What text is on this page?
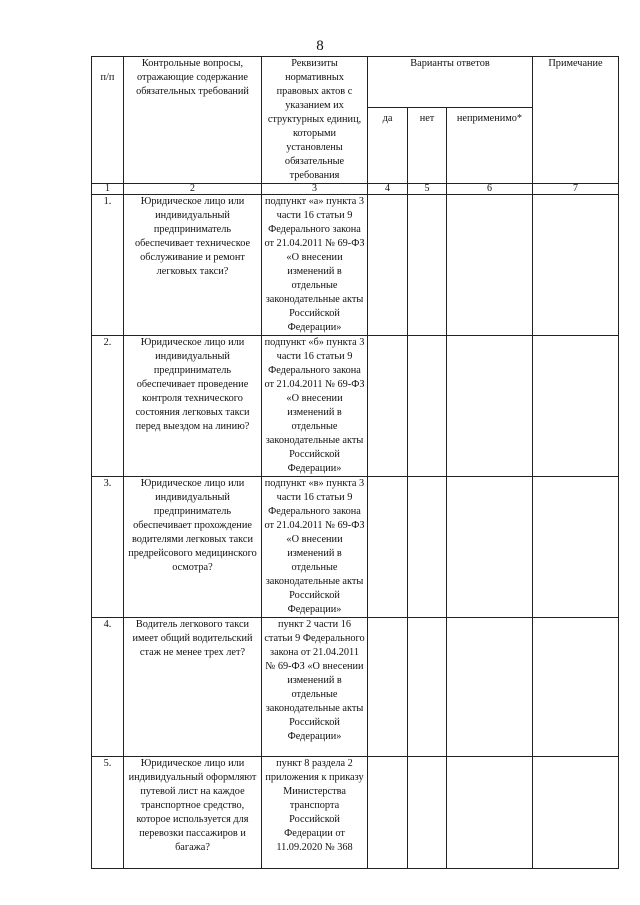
8
п/п	Контрольные вопросы, отражающие содержание обязательных требований	Реквизиты нормативных правовых актов с указанием их структурных единиц, которыми установлены обязательные требования	Варианты ответов			Примечание
			да	нет	неприменимо*	
1	2	3	4	5	6	7
1.	Юридическое лицо или индивидуальный предприниматель обеспечивает техническое обслуживание и ремонт легковых такси?	подпункт «а» пункта 3 части 16 статьи 9 Федерального закона от 21.04.2011 № 69-ФЗ «О внесении изменений в отдельные законодательные акты Российской Федерации»				
2.	Юридическое лицо или индивидуальный предприниматель обеспечивает проведение контроля технического состояния легковых такси перед выездом на линию?	подпункт «б» пункта 3 части 16 статьи 9 Федерального закона от 21.04.2011 № 69-ФЗ «О внесении изменений в отдельные законодательные акты Российской Федерации»				
3.	Юридическое лицо или индивидуальный предприниматель обеспечивает прохождение водителями легковых такси предрейсового медицинского осмотра?	подпункт «в» пункта 3 части 16 статьи 9 Федерального закона от 21.04.2011 № 69-ФЗ «О внесении изменений в отдельные законодательные акты Российской Федерации»				
4.	Водитель легкового такси имеет общий водительский стаж не менее трех лет?	пункт 2 части 16 статьи 9 Федерального закона от 21.04.2011 № 69-ФЗ «О внесении изменений в отдельные законодательные акты Российской Федерации»				
5.	Юридическое лицо или индивидуальный оформляют путевой лист на каждое транспортное средство, которое используется для перевозки пассажиров и багажа?	пункт 8 раздела 2 приложения к приказу Министерства транспорта Российской Федерации от 11.09.2020 № 368				
